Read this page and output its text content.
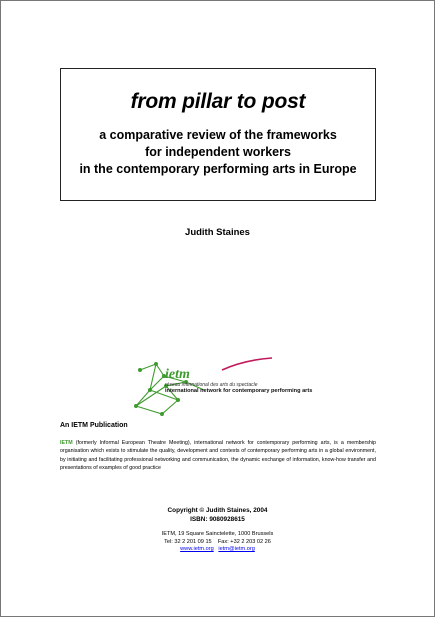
from pillar to post
a comparative review of the frameworks
for independent workers
in the contemporary performing arts in Europe
Judith Staines
ietm
réseau international des arts du spectacle
international network for contemporary performing arts
An IETM Publication
IETM (formerly Informal European Theatre Meeting), international network for contemporary performing arts, is a membership organisation which exists to stimulate the quality, development and contexts of contemporary performing arts in a global environment, by initiating and facilitating professional networking and communication, the dynamic exchange of information, know-how transfer and presentations of examples of good practice
Copyright © Judith Staines, 2004
ISBN: 9080928615
IETM, 19 Square Sainctelette, 1000 Brussels
Tel: 32 2 201 09 15    Fax: +32 2 203 02 26
www.ietm.org ietm@ietm.org
